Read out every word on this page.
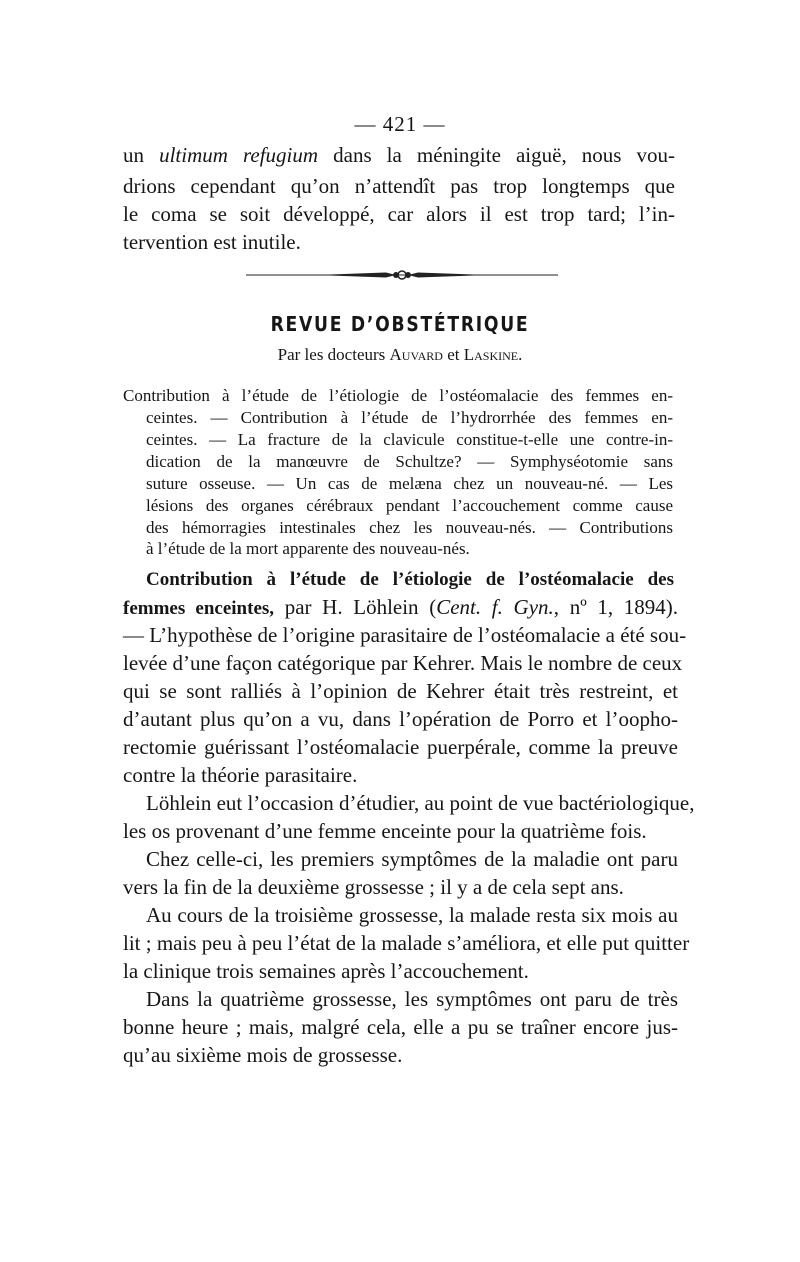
— 421 —
un ultimum refugium dans la méningite aiguë, nous vou-
drions cependant qu’on n’attendît pas trop longtemps que
le coma se soit développé, car alors il est trop tard; l’in-
tervention est inutile.
REVUE D’OBSTÉTRIQUE
Par les docteurs Auvard et Laskine.
Contribution à l’étude de l’étiologie de l’ostéomalacie des femmes en-
ceintes. — Contribution à l’étude de l’hydrorrhée des femmes en-
ceintes. — La fracture de la clavicule constitue-t-elle une contre-in-
dication de la manœuvre de Schultze? — Symphyséotomie sans
suture osseuse. — Un cas de melæna chez un nouveau-né. — Les
lésions des organes cérébraux pendant l’accouchement comme cause
des hémorragies intestinales chez les nouveau-nés. — Contributions
à l’étude de la mort apparente des nouveau-nés.
Contribution à l’étude de l’étiologie de l’ostéomalacie des
femmes enceintes, par H. Löhlein (Cent. f. Gyn., nº 1, 1894).
— L’hypothèse de l’origine parasitaire de l’ostéomalacie a été sou-
levée d’une façon catégorique par Kehrer. Mais le nombre de ceux
qui se sont ralliés à l’opinion de Kehrer était très restreint, et
d’autant plus qu’on a vu, dans l’opération de Porro et l’oopho-
rectomie guérissant l’ostéomalacie puerpérale, comme la preuve
contre la théorie parasitaire.
Löhlein eut l’occasion d’étudier, au point de vue bactériologique,
les os provenant d’une femme enceinte pour la quatrième fois.
Chez celle-ci, les premiers symptômes de la maladie ont paru
vers la fin de la deuxième grossesse ; il y a de cela sept ans.
Au cours de la troisième grossesse, la malade resta six mois au
lit ; mais peu à peu l’état de la malade s’améliora, et elle put quitter
la clinique trois semaines après l’accouchement.
Dans la quatrième grossesse, les symptômes ont paru de très
bonne heure ; mais, malgré cela, elle a pu se traîner encore jus-
qu’au sixième mois de grossesse.
